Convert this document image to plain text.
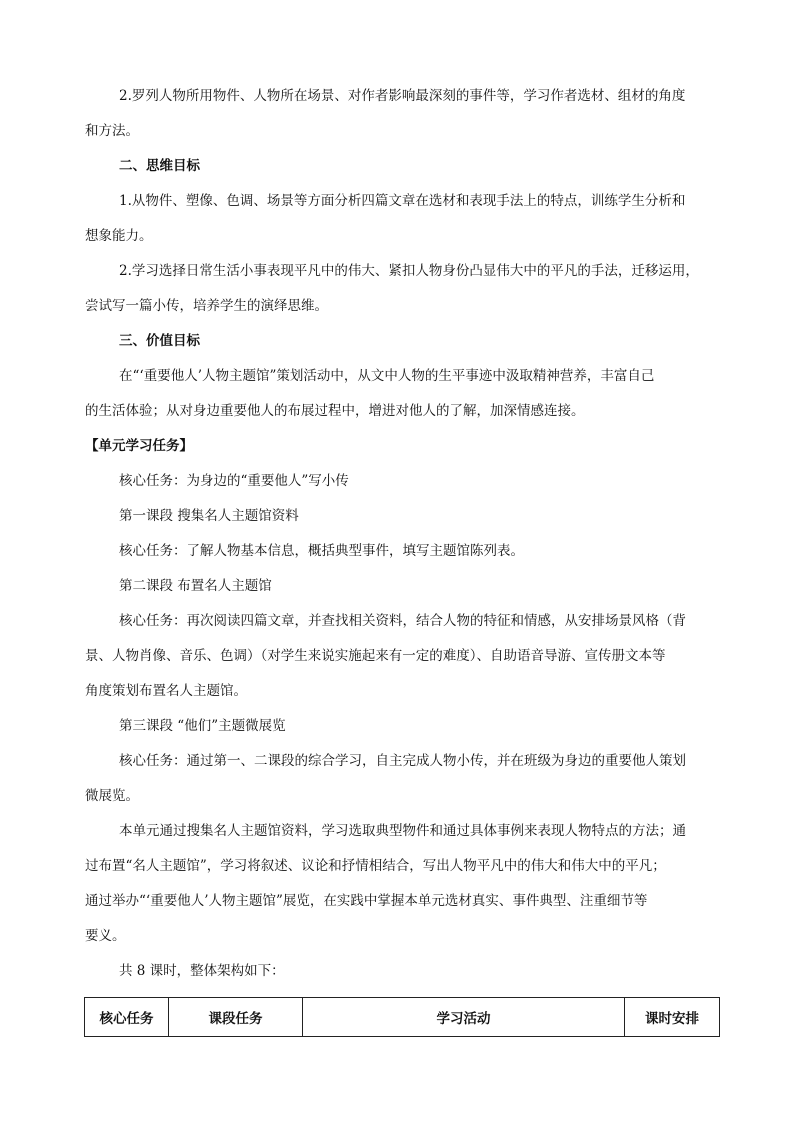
2.罗列人物所用物件、人物所在场景、对作者影响最深刻的事件等，学习作者选材、组材的角度
和方法。
二、思维目标
1.从物件、塑像、色调、场景等方面分析四篇文章在选材和表现手法上的特点，训练学生分析和
想象能力。
2.学习选择日常生活小事表现平凡中的伟大、紧扣人物身份凸显伟大中的平凡的手法，迁移运用，
尝试写一篇小传，培养学生的演绎思维。
三、价值目标
在“‘重要他人’人物主题馆”策划活动中，从文中人物的生平事迹中汲取精神营养，丰富自己
的生活体验；从对身边重要他人的布展过程中，增进对他人的了解，加深情感连接。
【单元学习任务】
核心任务：为身边的“重要他人”写小传
第一课段 搜集名人主题馆资料
核心任务：了解人物基本信息，概括典型事件，填写主题馆陈列表。
第二课段 布置名人主题馆
核心任务：再次阅读四篇文章，并查找相关资料，结合人物的特征和情感，从安排场景风格（背
景、人物肖像、音乐、色调）（对学生来说实施起来有一定的难度）、自助语音导游、宣传册文本等
角度策划布置名人主题馆。
第三课段 “他们”主题微展览
核心任务：通过第一、二课段的综合学习，自主完成人物小传，并在班级为身边的重要他人策划
微展览。
本单元通过搜集名人主题馆资料，学习选取典型物件和通过具体事例来表现人物特点的方法；通
过布置“名人主题馆”，学习将叙述、议论和抒情相结合，写出人物平凡中的伟大和伟大中的平凡；
通过举办“‘重要他人’人物主题馆”展览，在实践中掌握本单元选材真实、事件典型、注重细节等
要义。
共 8 课时，整体架构如下：
核心任务	课段任务	学习活动	课时安排
